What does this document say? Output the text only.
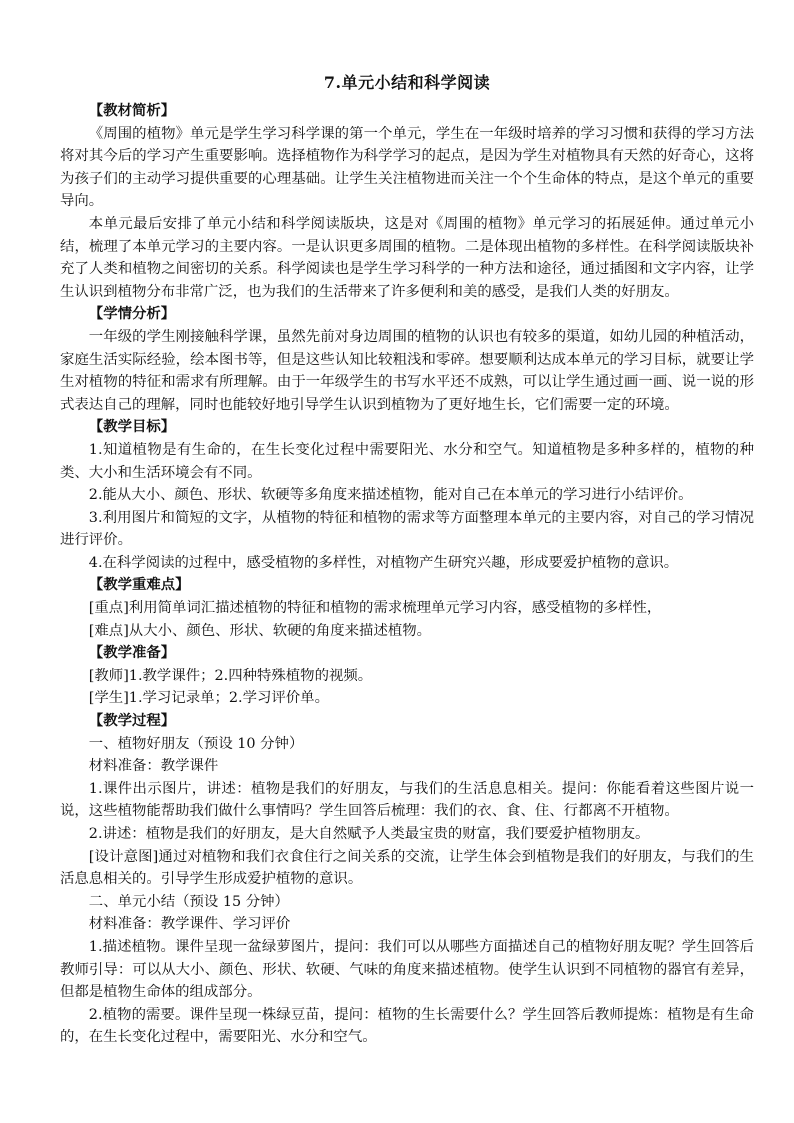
7.单元小结和科学阅读
【教材简析】

《周围的植物》单元是学生学习科学课的第一个单元，学生在一年级时培养的学习习惯和获得的学习方法将对其今后的学习产生重要影响。选择植物作为科学学习的起点，是因为学生对植物具有天然的好奇心，这将为孩子们的主动学习提供重要的心理基础。让学生关注植物进而关注一个个生命体的特点，是这个单元的重要导向。

本单元最后安排了单元小结和科学阅读版块，这是对《周围的植物》单元学习的拓展延伸。通过单元小结，梳理了本单元学习的主要内容。一是认识更多周围的植物。二是体现出植物的多样性。在科学阅读版块补充了人类和植物之间密切的关系。科学阅读也是学生学习科学的一种方法和途径，通过插图和文字内容，让学生认识到植物分布非常广泛，也为我们的生活带来了许多便利和美的感受，是我们人类的好朋友。

【学情分析】

一年级的学生刚接触科学课，虽然先前对身边周围的植物的认识也有较多的渠道，如幼儿园的种植活动，家庭生活实际经验，绘本图书等，但是这些认知比较粗浅和零碎。想要顺利达成本单元的学习目标，就要让学生对植物的特征和需求有所理解。由于一年级学生的书写水平还不成熟，可以让学生通过画一画、说一说的形式表达自己的理解，同时也能较好地引导学生认识到植物为了更好地生长，它们需要一定的环境。

【教学目标】

1.知道植物是有生命的，在生长变化过程中需要阳光、水分和空气。知道植物是多种多样的，植物的种类、大小和生活环境会有不同。

2.能从大小、颜色、形状、软硬等多角度来描述植物，能对自己在本单元的学习进行小结评价。

3.利用图片和简短的文字，从植物的特征和植物的需求等方面整理本单元的主要内容，对自己的学习情况进行评价。

4.在科学阅读的过程中，感受植物的多样性，对植物产生研究兴趣，形成要爱护植物的意识。

【教学重难点】

[重点]利用简单词汇描述植物的特征和植物的需求梳理单元学习内容，感受植物的多样性，

[难点]从大小、颜色、形状、软硬的角度来描述植物。

【教学准备】

[教师]1.教学课件；2.四种特殊植物的视频。

[学生]1.学习记录单；2.学习评价单。

【教学过程】

一、植物好朋友（预设 10 分钟）

材料准备：教学课件

1.课件出示图片，讲述：植物是我们的好朋友，与我们的生活息息相关。提问：你能看着这些图片说一说，这些植物能帮助我们做什么事情吗？学生回答后梳理：我们的衣、食、住、行都离不开植物。

2.讲述：植物是我们的好朋友，是大自然赋予人类最宝贵的财富，我们要爱护植物朋友。

[设计意图]通过对植物和我们衣食住行之间关系的交流，让学生体会到植物是我们的好朋友，与我们的生活息息相关的。引导学生形成爱护植物的意识。

二、单元小结（预设 15 分钟）

材料准备：教学课件、学习评价

1.描述植物。课件呈现一盆绿萝图片，提问：我们可以从哪些方面描述自己的植物好朋友呢？学生回答后教师引导：可以从大小、颜色、形状、软硬、气味的角度来描述植物。使学生认识到不同植物的器官有差异，但都是植物生命体的组成部分。

2.植物的需要。课件呈现一株绿豆苗，提问：植物的生长需要什么？学生回答后教师提炼：植物是有生命的，在生长变化过程中，需要阳光、水分和空气。
